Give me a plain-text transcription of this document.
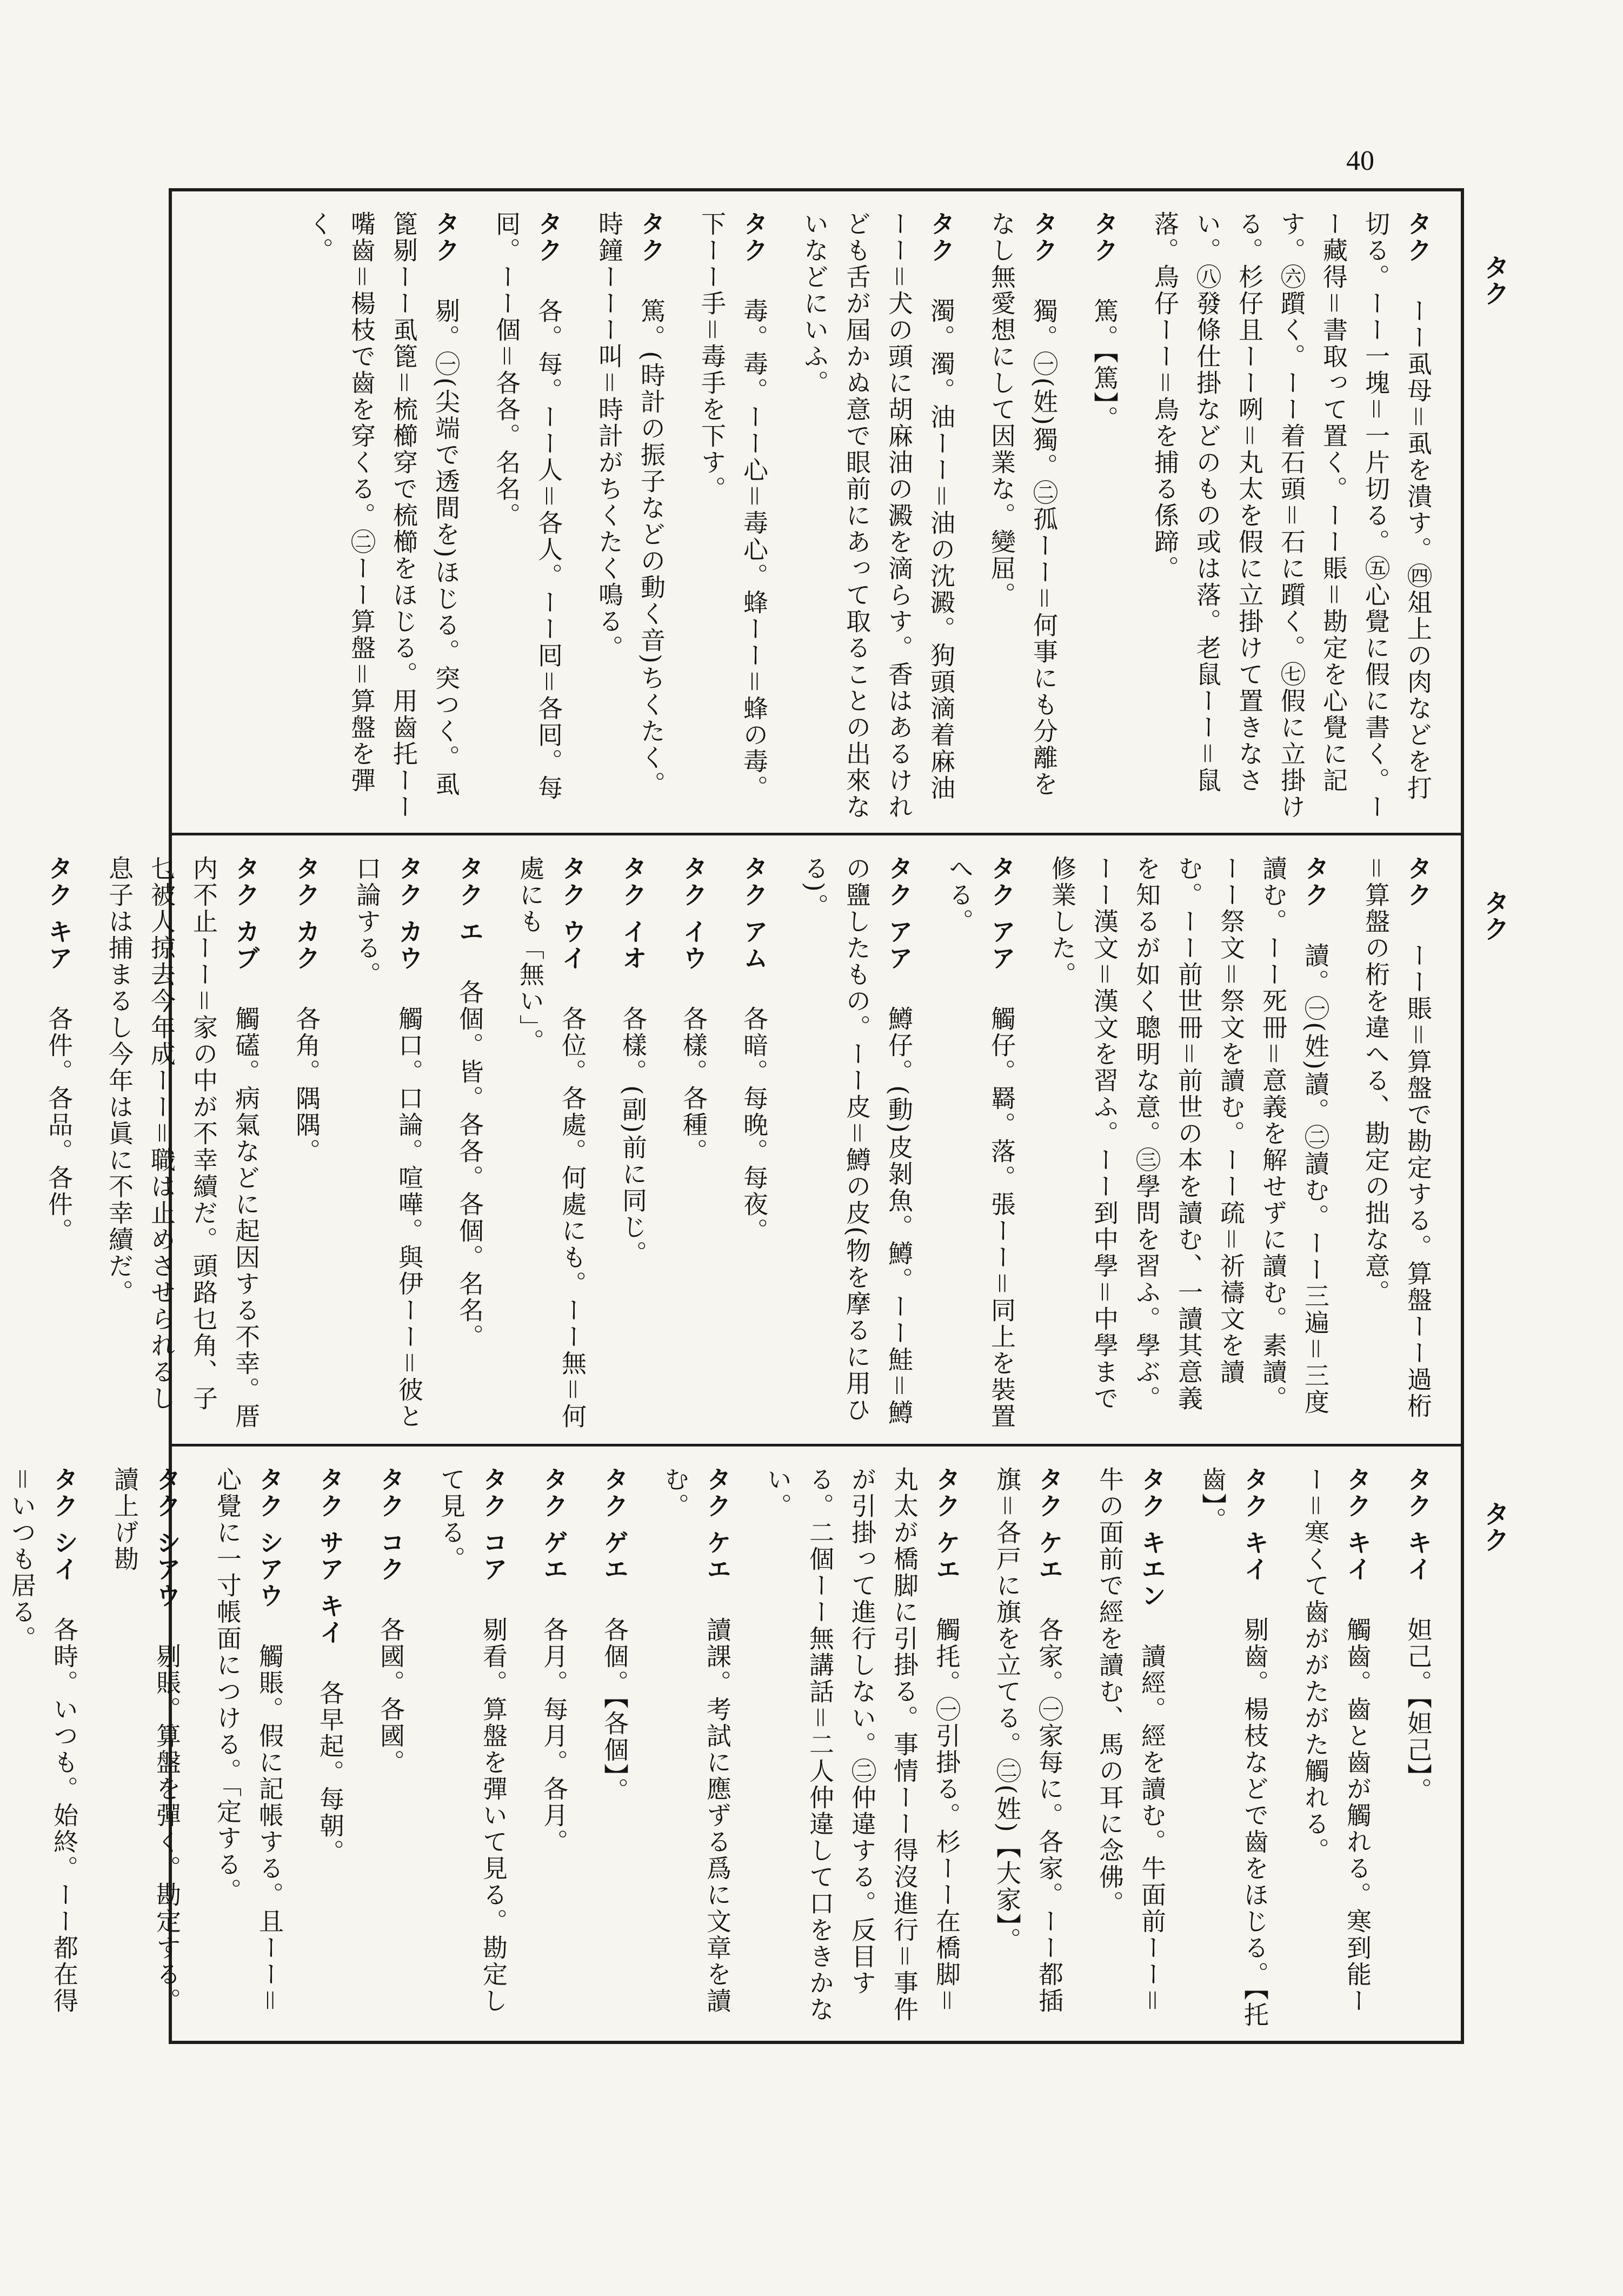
40
タク
タク
タク
タク　ーー虱母＝虱を潰す。㊃俎上の肉などを打切る。ーー一塊＝一片切る。㊄心覺に假に書く。ーー藏得＝書取って置く。ーー賬＝勘定を心覺に記す。㊅躓く。ーー着石頭＝石に躓く。㊆假に立掛ける。杉仔且ーー咧＝丸太を假に立掛けて置きなさい。㊇發條仕掛などのもの或は落。老鼠ーー＝鼠落。鳥仔ーー＝鳥を捕る係蹄。
タク　篤。【篤】。
タク　獨。㊀(姓)獨。㊁孤ーー＝何事にも分離をなし無愛想にして因業な。變屈。
タク　濁。濁。油ーー＝油の沈澱。狗頭滴着麻油ーー＝犬の頭に胡麻油の澱を滴らす。香はあるけれども舌が屆かぬ意で眼前にあって取ることの出來ないなどにいふ。
タク　毒。毒。ーー心＝毒心。蜂ーー＝蜂の毒。下ーー手＝毒手を下す。
タク　篤。(時計の振子などの動く音)ちくたく。時鐘ーーー叫＝時計がちくたく鳴る。
タク　各。每。ーー人＝各人。ーー囘＝各囘。每囘。ーー個＝各各。名名。
タク　剔。㊀(尖端で透間を)ほじる。突つく。虱篦剔ーー虱篦＝梳櫛穿で梳櫛をほじる。用齒托ーー嘴齒＝楊枝で齒を穿くる。㊁ーー算盤＝算盤を彈く。
タク　ーー賬＝算盤で勘定する。算盤ーー過桁＝算盤の桁を違へる、勘定の拙な意。
タク　讀。㊀(姓)讀。㊁讀む。ーー三遍＝三度讀む。ーー死冊＝意義を解せずに讀む。素讀。ーー祭文＝祭文を讀む。ーー疏＝祈禱文を讀む。ーー前世冊＝前世の本を讀む、一讀其意義を知るが如く聰明な意。㊂學問を習ふ。學ぶ。ーー漢文＝漢文を習ふ。ーー到中學＝中學まで修業した。
タク アア　觸仔。羇。落。張ーー＝同上を裝置へる。
タク アア　鱒仔。(動)皮剝魚。鱒。ーー鮭＝鱒の鹽したもの。ーー皮＝鱒の皮(物を摩るに用ひる)。
タク アム　各暗。每晚。每夜。
タク イウ　各樣。各種。
タク イオ　各樣。(副)前に同じ。
タク ウイ　各位。各處。何處にも。ーー無＝何處にも「無い」。
タク エ　各個。皆。各各。各個。名名。
タク カウ　觸口。口論。喧嘩。與伊ーー＝彼と口論する。
タク カク　各角。隅隅。
タク カブ　觸礚。病氣などに起因する不幸。厝内不止ーー＝家の中が不幸續だ。頭路乜角、子乜被人掠去今年成ーー＝職は止めさせられるし息子は捕まるし今年は眞に不幸續だ。
タク キア　各件。各品。各件。
タク キイ　妲己。【妲己】。
タク キイ　觸齒。齒と齒が觸れる。寒到能ーー＝寒くて齒ががたがた觸れる。
タク キイ　剔齒。楊枝などで齒をほじる。【托齒】。
タク キエン　讀經。經を讀む。牛面前ーー＝牛の面前で經を讀む、馬の耳に念佛。
タク ケエ　各家。㊀家每に。各家。ーー都插旗＝各戸に旗を立てる。㊁(姓)【大家】。
タク ケエ　觸㧌。㊀引掛る。杉ーー在橋脚＝丸太が橋脚に引掛る。事情ーー得沒進行＝事件が引掛って進行しない。㊁仲違する。反目する。二個ーー無講話＝二人仲違して口をきかない。
タク ケエ　讀課。考試に應ずる爲に文章を讀む。
タク ゲエ　各個。【各個】。
タク ゲエ　各月。每月。各月。
タク コア　剔看。算盤を彈いて見る。勘定して見る。
タク コク　各國。各國。
タク サア キイ　各早起。每朝。
タク シアウ　觸賬。假に記帳する。且ーー＝心覺に一寸帳面につける。「定する。
タク シアウ　剔賬。算盤を彈く。勘定する。讀上げ勘
タク シイ　各時。いつも。始終。ーー都在得＝いつも居る。
